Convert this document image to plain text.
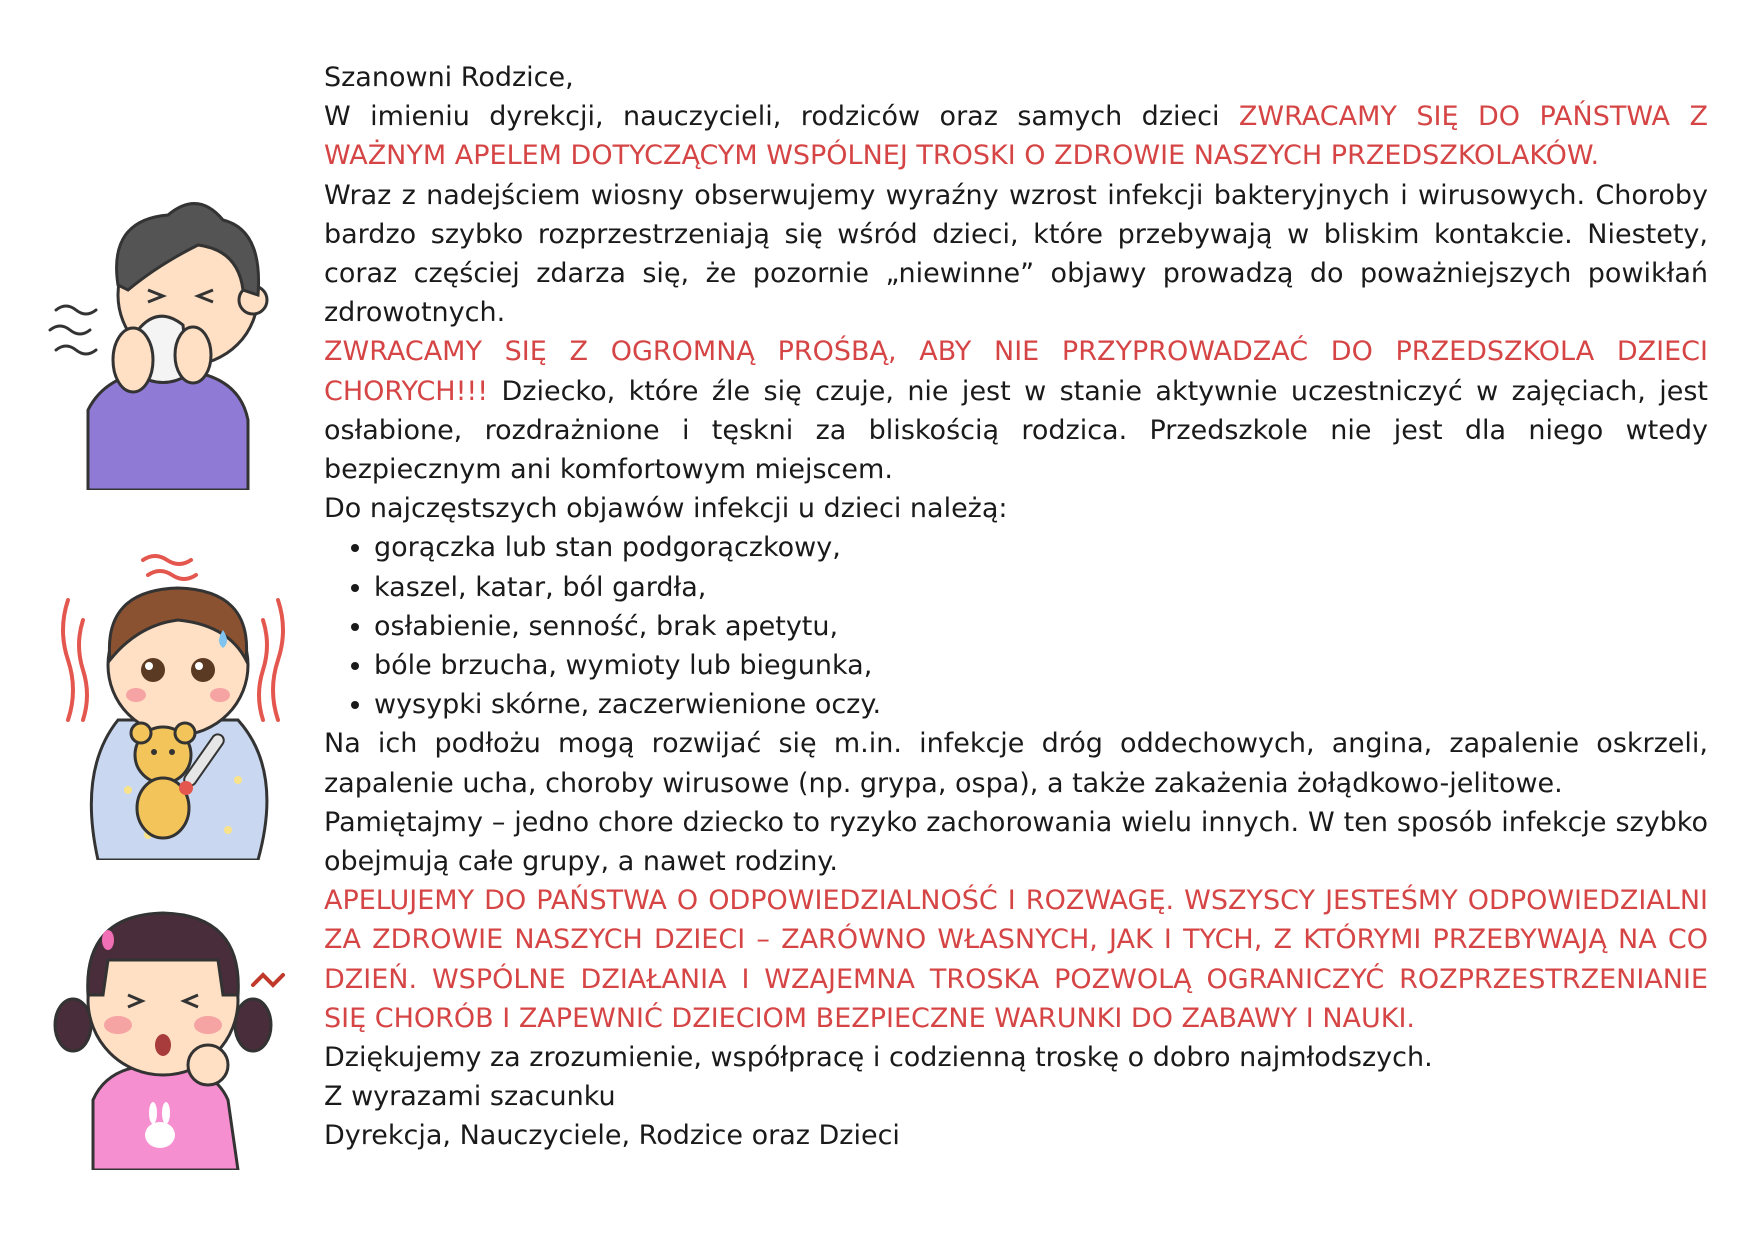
Szanowni Rodzice,

W imieniu dyrekcji, nauczycieli, rodziców oraz samych dzieci ZWRACAMY SIĘ DO PAŃSTWA Z WAŻNYM APELEM DOTYCZĄCYM WSPÓLNEJ TROSKI O ZDROWIE NASZYCH PRZEDSZKOLAKÓW.

Wraz z nadejściem wiosny obserwujemy wyraźny wzrost infekcji bakteryjnych i wirusowych. Choroby bardzo szybko rozprzestrzeniają się wśród dzieci, które przebywają w bliskim kontakcie. Niestety, coraz częściej zdarza się, że pozornie „niewinne” objawy prowadzą do poważniejszych powikłań zdrowotnych.

ZWRACAMY SIĘ Z OGROMNĄ PROŚBĄ, ABY NIE PRZYPROWADZAĆ DO PRZEDSZKOLA DZIECI CHORYCH!!! Dziecko, które źle się czuje, nie jest w stanie aktywnie uczestniczyć w zajęciach, jest osłabione, rozdrażnione i tęskni za bliskością rodzica. Przedszkole nie jest dla niego wtedy bezpiecznym ani komfortowym miejscem.

Do najczęstszych objawów infekcji u dzieci należą:

• gorączka lub stan podgorączkowy,
• kaszel, katar, ból gardła,
• osłabienie, senność, brak apetytu,
• bóle brzucha, wymioty lub biegunka,
• wysypki skórne, zaczerwienione oczy.

Na ich podłożu mogą rozwijać się m.in. infekcje dróg oddechowych, angina, zapalenie oskrzeli, zapalenie ucha, choroby wirusowe (np. grypa, ospa), a także zakażenia żołądkowo-jelitowe.

Pamiętajmy – jedno chore dziecko to ryzyko zachorowania wielu innych. W ten sposób infekcje szybko obejmują całe grupy, a nawet rodziny.

APELUJEMY DO PAŃSTWA O ODPOWIEDZIALNOŚĆ I ROZWAGĘ. WSZYSCY JESTEŚMY ODPOWIEDZIALNI ZA ZDROWIE NASZYCH DZIECI – ZARÓWNO WŁASNYCH, JAK I TYCH, Z KTÓRYMI PRZEBYWAJĄ NA CO DZIEŃ. WSPÓLNE DZIAŁANIA I WZAJEMNA TROSKA POZWOLĄ OGRANICZYĆ ROZPRZESTRZENIANIE SIĘ CHORÓB I ZAPEWNIĆ DZIECIOM BEZPIECZNE WARUNKI DO ZABAWY I NAUKI.

Dziękujemy za zrozumienie, współpracę i codzienną troskę o dobro najmłodszych.

Z wyrazami szacunku

Dyrekcja, Nauczyciele, Rodzice oraz Dzieci
